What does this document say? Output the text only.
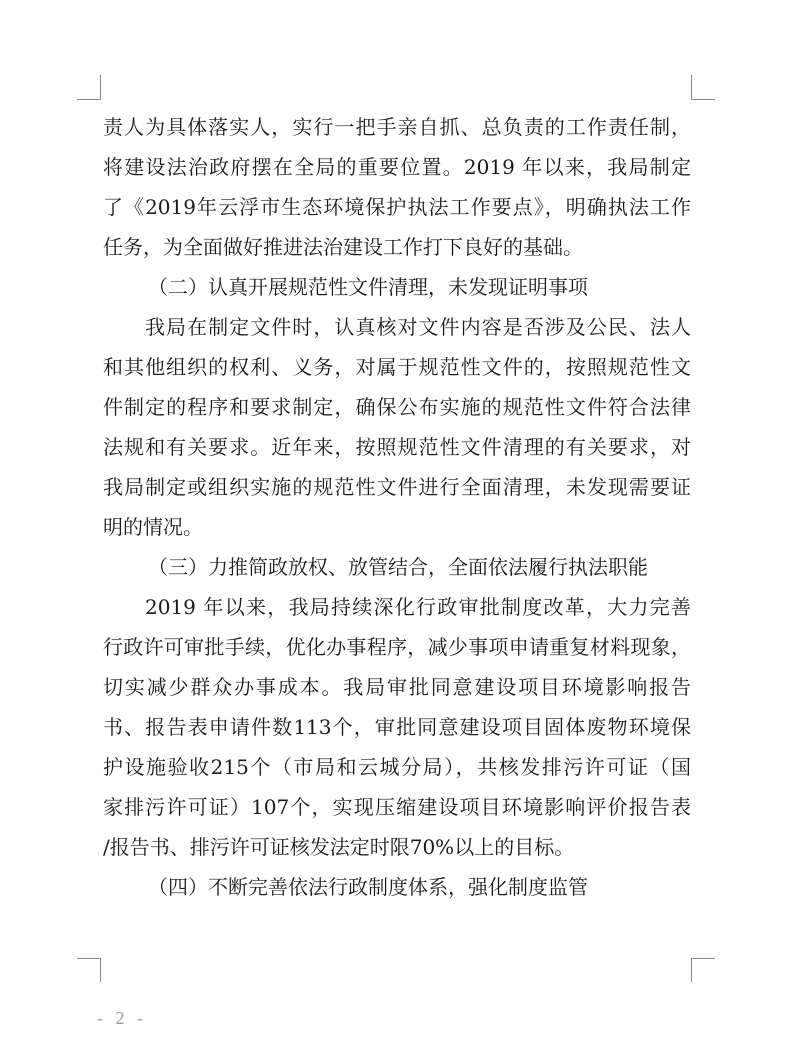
责人为具体落实人，实行一把手亲自抓、总负责的工作责任制，
将建设法治政府摆在全局的重要位置。2019 年以来，我局制定
了《2019年云浮市生态环境保护执法工作要点》，明确执法工作
任务，为全面做好推进法治建设工作打下良好的基础。
（二）认真开展规范性文件清理，未发现证明事项
我局在制定文件时，认真核对文件内容是否涉及公民、法人
和其他组织的权利、义务，对属于规范性文件的，按照规范性文
件制定的程序和要求制定，确保公布实施的规范性文件符合法律
法规和有关要求。近年来，按照规范性文件清理的有关要求，对
我局制定或组织实施的规范性文件进行全面清理，未发现需要证
明的情况。
（三）力推简政放权、放管结合，全面依法履行执法职能
2019 年以来，我局持续深化行政审批制度改革，大力完善
行政许可审批手续，优化办事程序，减少事项申请重复材料现象，
切实减少群众办事成本。我局审批同意建设项目环境影响报告
书、报告表申请件数113个，审批同意建设项目固体废物环境保
护设施验收215个（市局和云城分局），共核发排污许可证（国
家排污许可证）107个，实现压缩建设项目环境影响评价报告表
/报告书、排污许可证核发法定时限70%以上的目标。
（四）不断完善依法行政制度体系，强化制度监管
- 2 -
